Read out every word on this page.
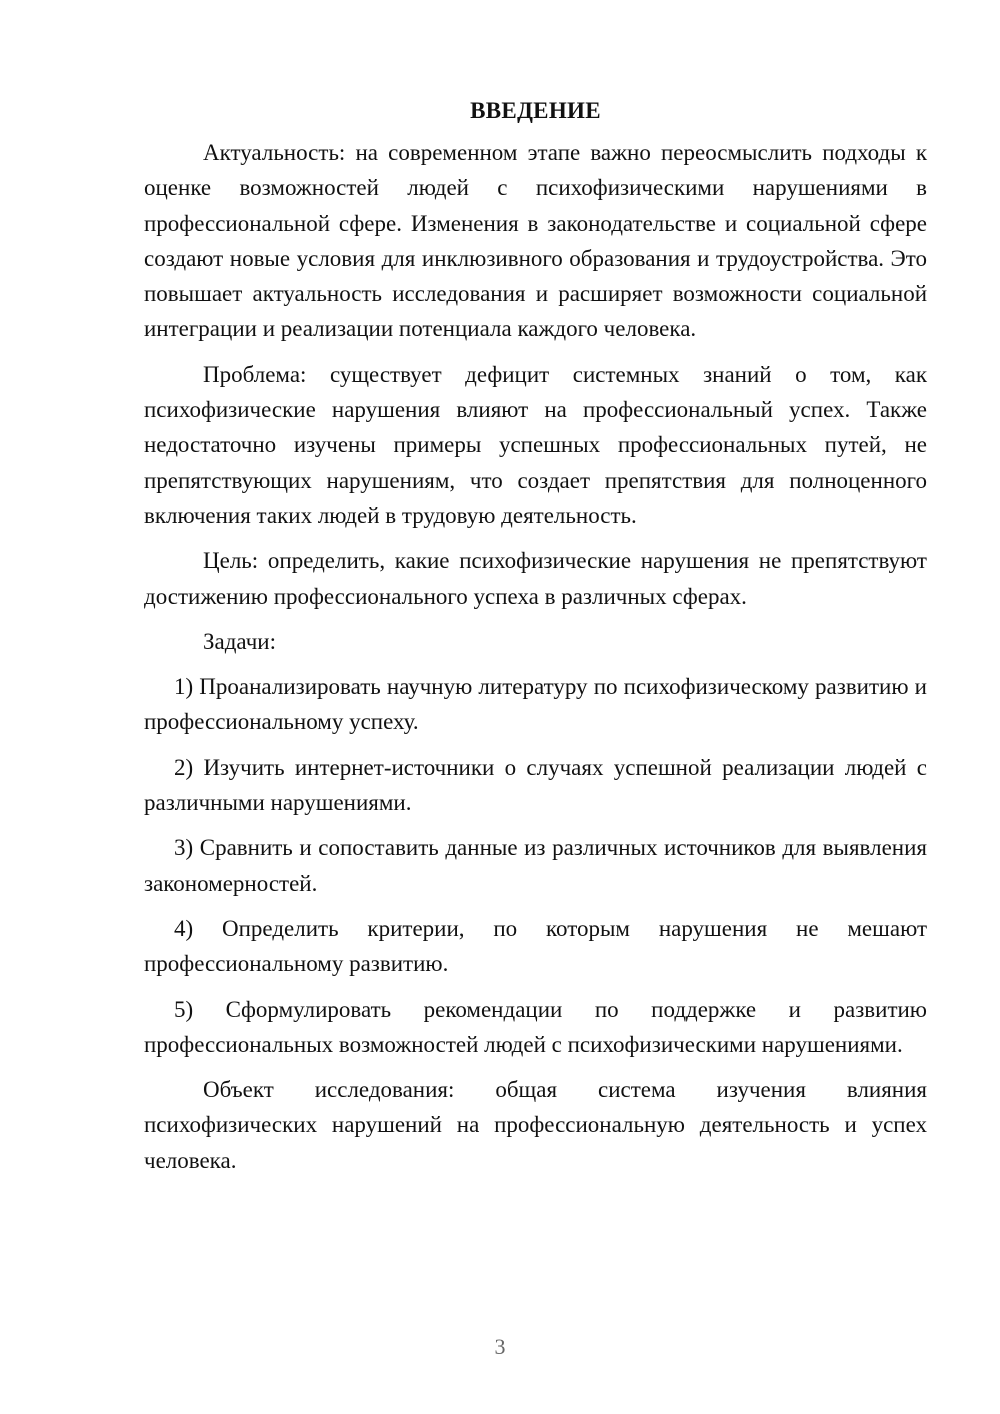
ВВЕДЕНИЕ

Актуальность: на современном этапе важно переосмыслить подходы к оценке возможностей людей с психофизическими нарушениями в профессиональной сфере. Изменения в законодательстве и социальной сфере создают новые условия для инклюзивного образования и трудоустройства. Это повышает актуальность исследования и расширяет возможности социальной интеграции и реализации потенциала каждого человека.

Проблема: существует дефицит системных знаний о том, как психофизические нарушения влияют на профессиональный успех. Также недостаточно изучены примеры успешных профессиональных путей, не препятствующих нарушениям, что создает препятствия для полноценного включения таких людей в трудовую деятельность.

Цель: определить, какие психофизические нарушения не препятствуют достижению профессионального успеха в различных сферах.

Задачи:

1) Проанализировать научную литературу по психофизическому развитию и профессиональному успеху.

2) Изучить интернет-источники о случаях успешной реализации людей с различными нарушениями.

3) Сравнить и сопоставить данные из различных источников для выявления закономерностей.

4) Определить критерии, по которым нарушения не мешают профессиональному развитию.

5) Сформулировать рекомендации по поддержке и развитию профессиональных возможностей людей с психофизическими нарушениями.

Объект исследования: общая система изучения влияния психофизических нарушений на профессиональную деятельность и успех человека.

3
